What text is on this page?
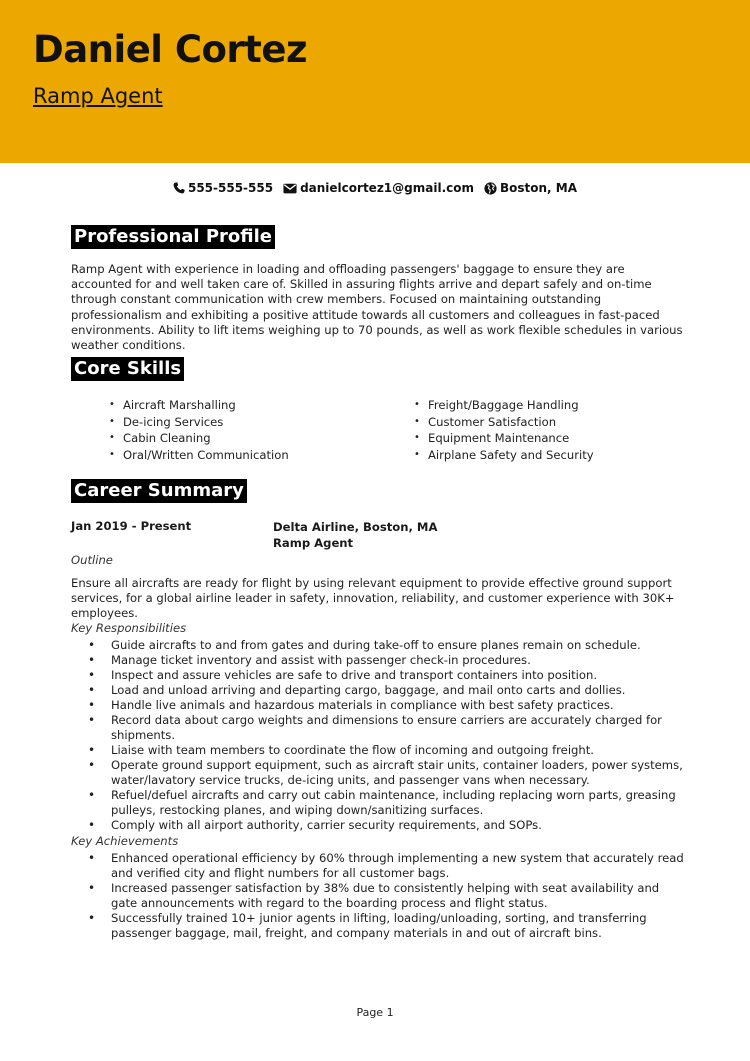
Daniel Cortez
Ramp Agent
555-555-555 danielcortez1@gmail.com Boston, MA
Professional Profile
Ramp Agent with experience in loading and offloading passengers' baggage to ensure they are accounted for and well taken care of. Skilled in assuring flights arrive and depart safely and on-time through constant communication with crew members. Focused on maintaining outstanding professionalism and exhibiting a positive attitude towards all customers and colleagues in fast-paced environments. Ability to lift items weighing up to 70 pounds, as well as work flexible schedules in various weather conditions.
Core Skills
• Aircraft Marshalling
• De-icing Services
• Cabin Cleaning
• Oral/Written Communication
• Freight/Baggage Handling
• Customer Satisfaction
• Equipment Maintenance
• Airplane Safety and Security
Career Summary
Jan 2019 - Present	Delta Airline, Boston, MA
Ramp Agent
Outline
Ensure all aircrafts are ready for flight by using relevant equipment to provide effective ground support services, for a global airline leader in safety, innovation, reliability, and customer experience with 30K+ employees.
Key Responsibilities
• Guide aircrafts to and from gates and during take-off to ensure planes remain on schedule.
• Manage ticket inventory and assist with passenger check-in procedures.
• Inspect and assure vehicles are safe to drive and transport containers into position.
• Load and unload arriving and departing cargo, baggage, and mail onto carts and dollies.
• Handle live animals and hazardous materials in compliance with best safety practices.
• Record data about cargo weights and dimensions to ensure carriers are accurately charged for shipments.
• Liaise with team members to coordinate the flow of incoming and outgoing freight.
• Operate ground support equipment, such as aircraft stair units, container loaders, power systems, water/lavatory service trucks, de-icing units, and passenger vans when necessary.
• Refuel/defuel aircrafts and carry out cabin maintenance, including replacing worn parts, greasing pulleys, restocking planes, and wiping down/sanitizing surfaces.
• Comply with all airport authority, carrier security requirements, and SOPs.
Key Achievements
• Enhanced operational efficiency by 60% through implementing a new system that accurately read and verified city and flight numbers for all customer bags.
• Increased passenger satisfaction by 38% due to consistently helping with seat availability and gate announcements with regard to the boarding process and flight status.
• Successfully trained 10+ junior agents in lifting, loading/unloading, sorting, and transferring passenger baggage, mail, freight, and company materials in and out of aircraft bins.
Page 1
